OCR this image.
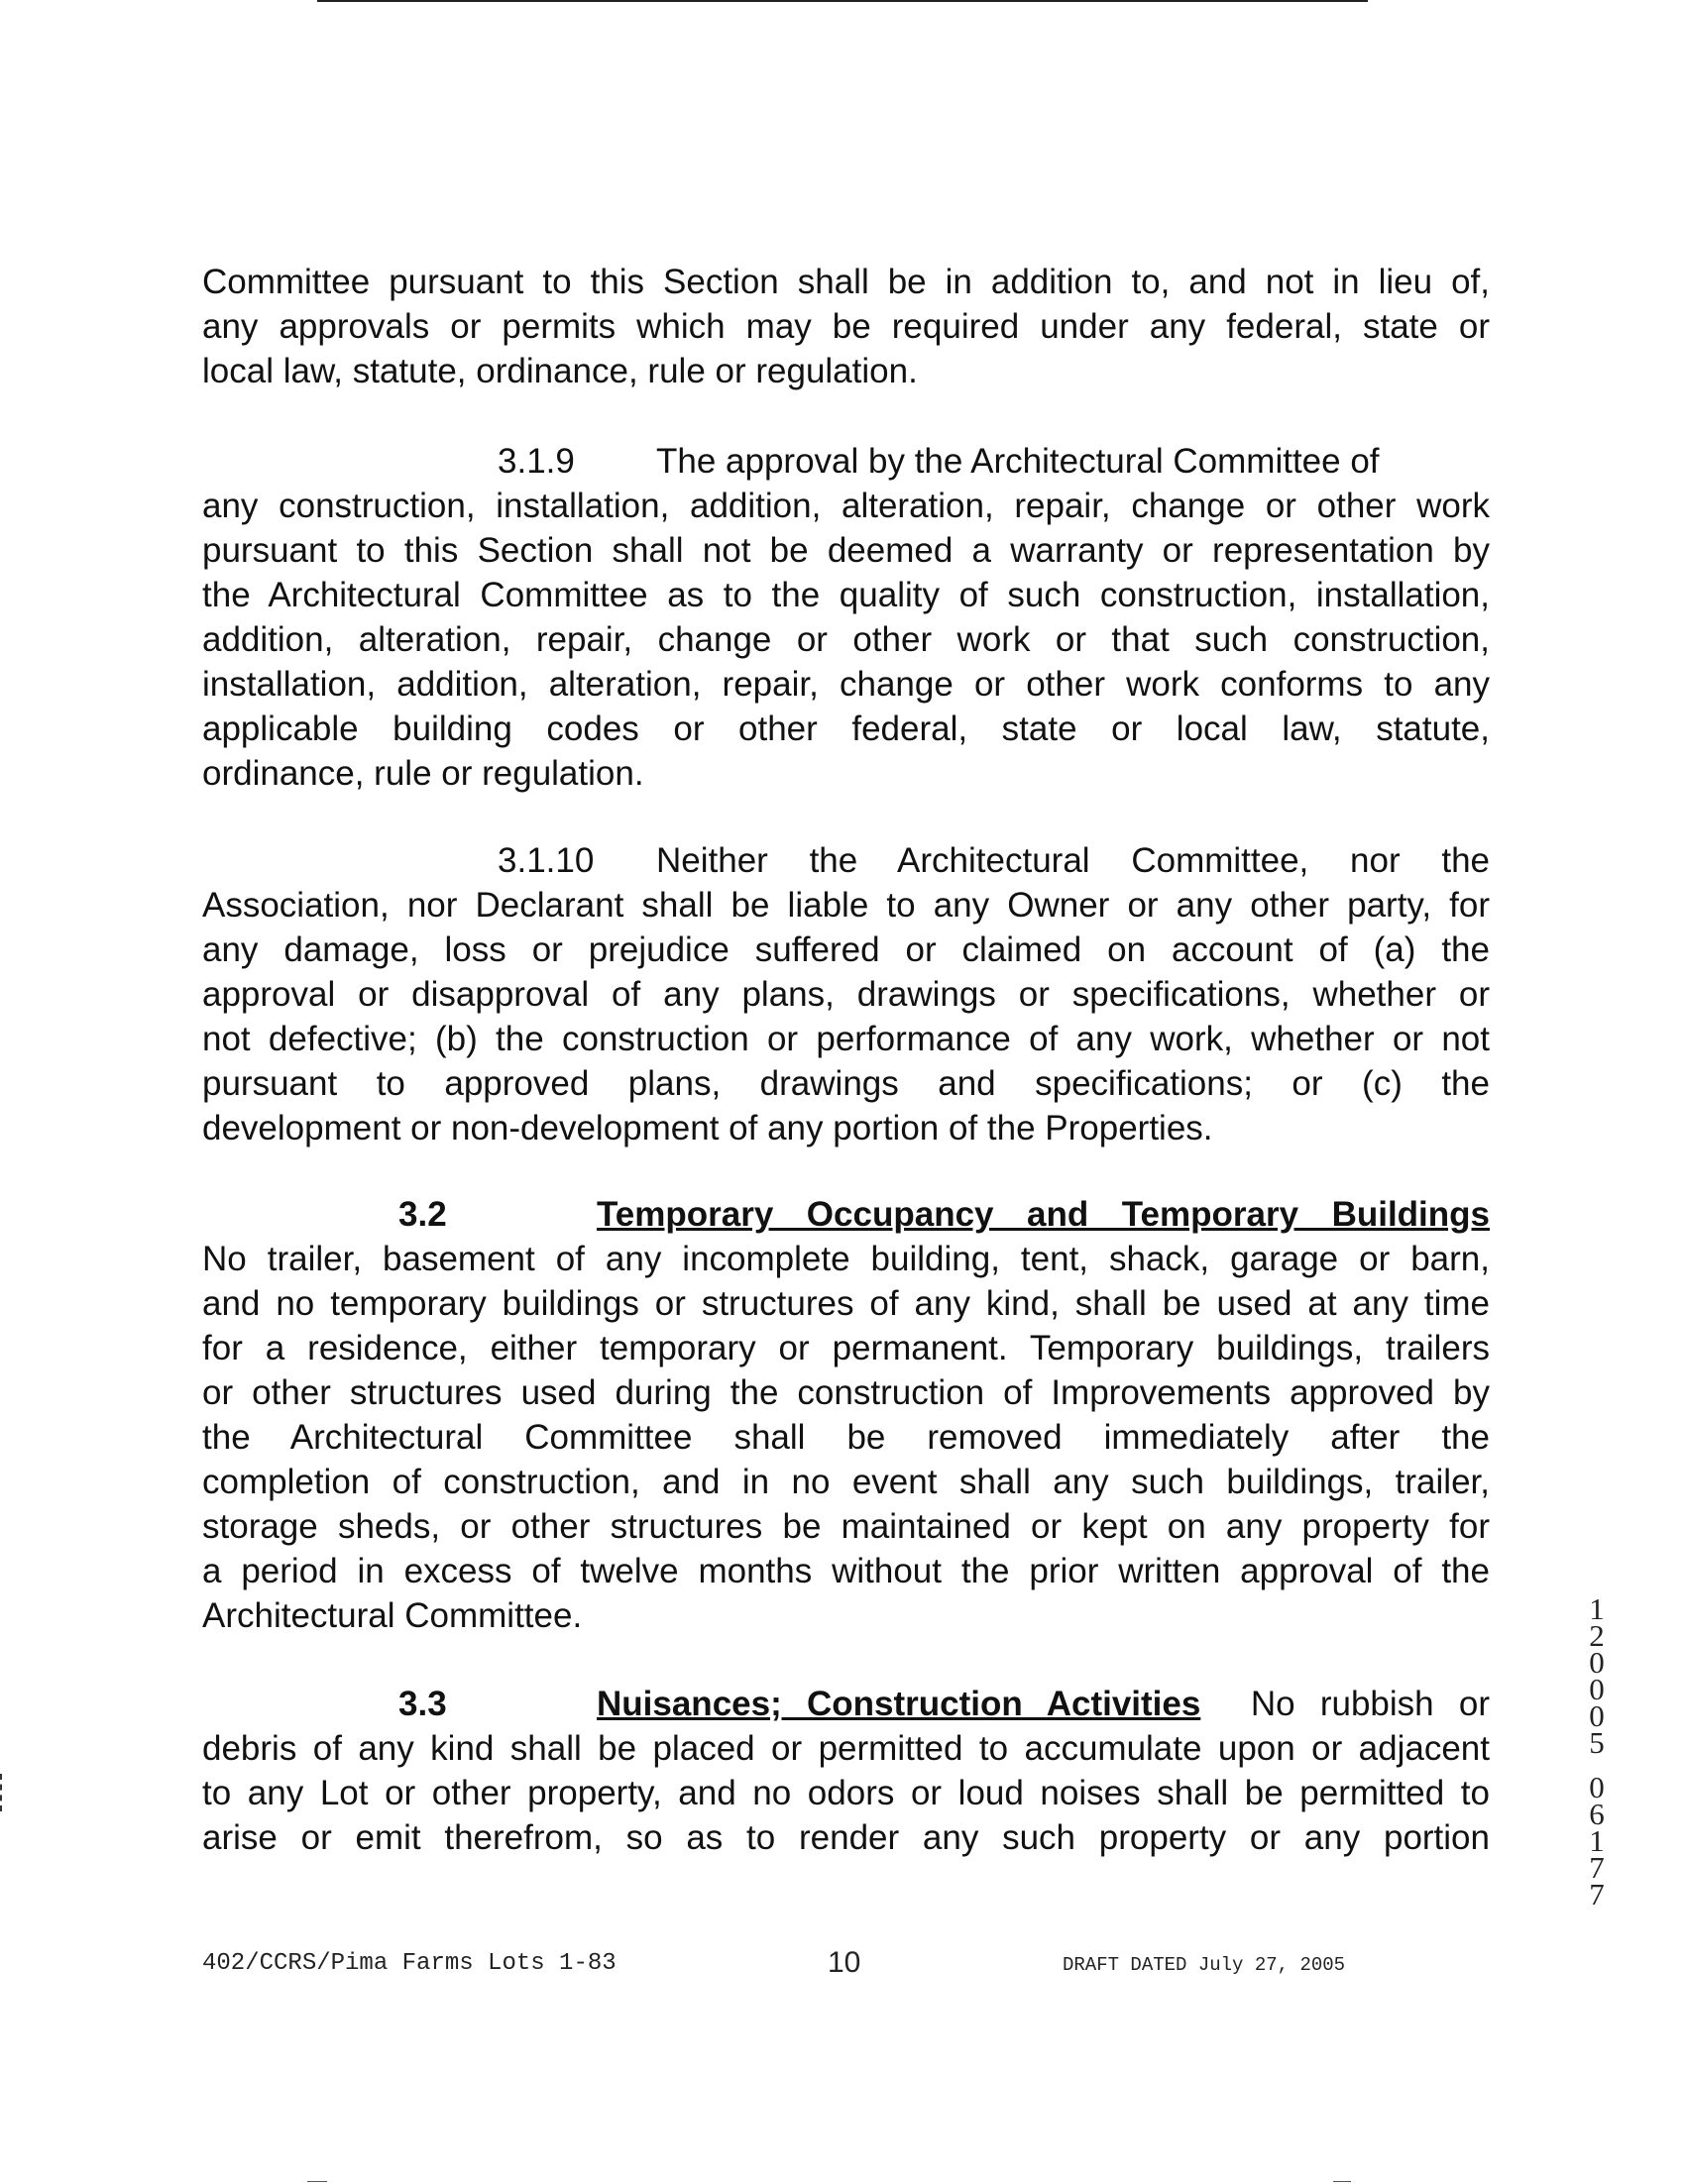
Committee pursuant to this Section shall be in addition to, and not in lieu of,
any approvals or permits which may be required under any federal, state or
local law, statute, ordinance, rule or regulation.
3.1.9 The approval by the Architectural Committee of
any construction, installation, addition, alteration, repair, change or other work
pursuant to this Section shall not be deemed a warranty or representation by
the Architectural Committee as to the quality of such construction, installation,
addition, alteration, repair, change or other work or that such construction,
installation, addition, alteration, repair, change or other work conforms to any
applicable building codes or other federal, state or local law, statute,
ordinance, rule or regulation.
3.1.10 Neither the Architectural Committee, nor the
Association, nor Declarant shall be liable to any Owner or any other party, for
any damage, loss or prejudice suffered or claimed on account of (a) the
approval or disapproval of any plans, drawings or specifications, whether or
not defective; (b) the construction or performance of any work, whether or not
pursuant to approved plans, drawings and specifications; or (c) the
development or non-development of any portion of the Properties.
3.2	Temporary Occupancy and Temporary Buildings
No trailer, basement of any incomplete building, tent, shack, garage or barn,
and no temporary buildings or structures of any kind, shall be used at any time
for a residence, either temporary or permanent. Temporary buildings, trailers
or other structures used during the construction of Improvements approved by
the Architectural Committee shall be removed immediately after the
completion of construction, and in no event shall any such buildings, trailer,
storage sheds, or other structures be maintained or kept on any property for
a period in excess of twelve months without the prior written approval of the
Architectural Committee.
3.3	Nuisances; Construction Activities No rubbish or
debris of any kind shall be placed or permitted to accumulate upon or adjacent
to any Lot or other property, and no odors or loud noises shall be permitted to
arise or emit therefrom, so as to render any such property or any portion
1
2
0
0
0
5
0
6
1
7
7
402/CCRS/Pima Farms Lots 1-83	10	DRAFT DATED July 27, 2005
